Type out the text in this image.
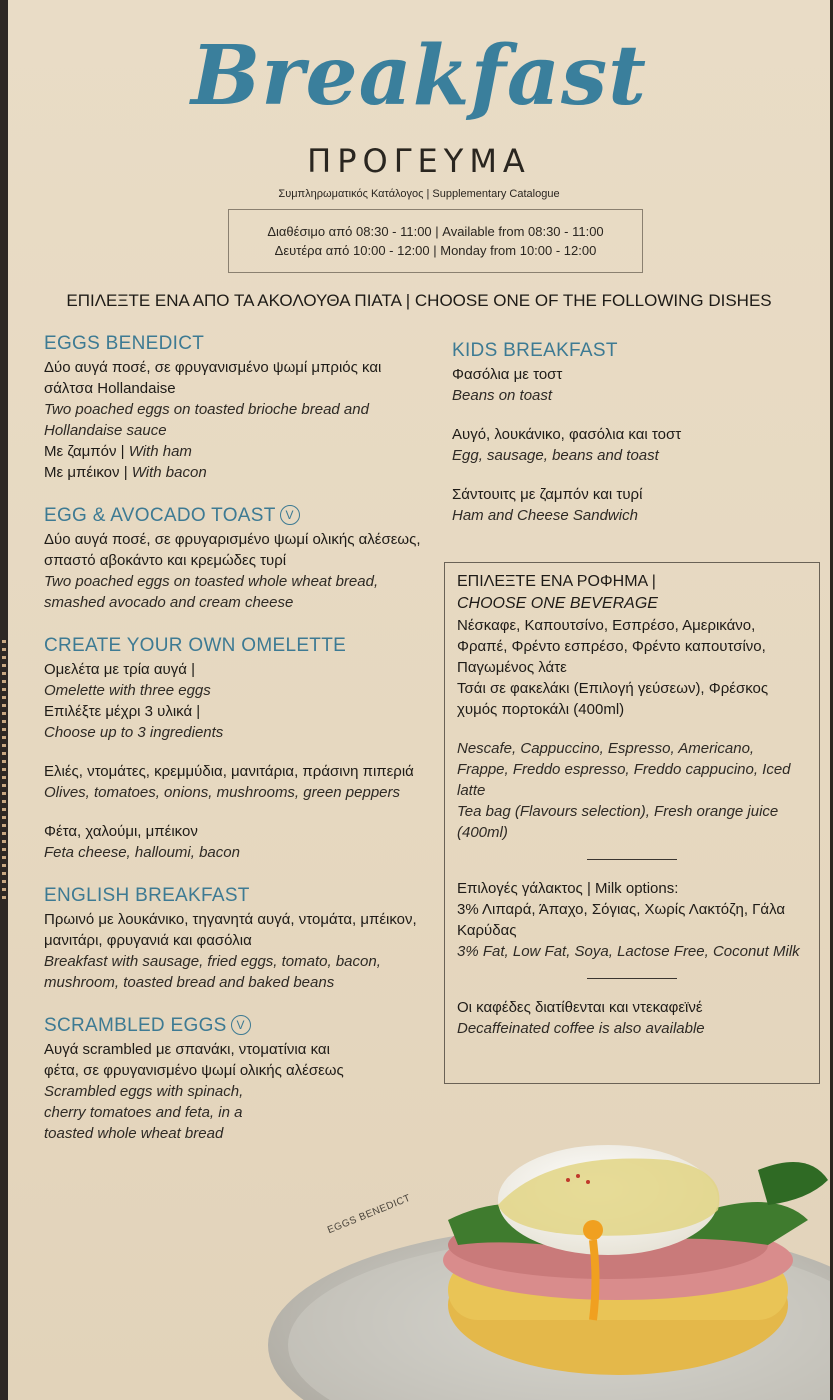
Breakfast
ΠΡΟΓΕΥΜΑ
Συμπληρωματικός Κατάλογος | Supplementary Catalogue
Διαθέσιμο από 08:30 - 11:00 | Available from 08:30 - 11:00
Δευτέρα από 10:00 - 12:00 | Monday from 10:00 - 12:00
ΕΠΙΛΕΞΤΕ ΕΝΑ ΑΠΟ ΤΑ ΑΚΟΛΟΥΘΑ ΠΙΑΤΑ | CHOOSE ONE OF THE FOLLOWING DISHES
EGGS BENEDICT
Δύο αυγά ποσέ, σε φρυγανισμένο ψωμί μπριός και σάλτσα Hollandaise
Two poached eggs on toasted brioche bread and Hollandaise sauce
Με ζαμπόν | With ham
Με μπέικον | With bacon
EGG & AVOCADO TOAST V
Δύο αυγά ποσέ, σε φρυγαρισμένο ψωμί ολικής αλέσεως, σπαστό αβοκάντο και κρεμώδες τυρί
Two poached eggs on toasted whole wheat bread, smashed avocado and cream cheese
CREATE YOUR OWN OMELETTE
Ομελέτα με τρία αυγά |
Omelette with three eggs
Επιλέξτε μέχρι 3 υλικά |
Choose up to 3 ingredients
Ελιές, ντομάτες, κρεμμύδια, μανιτάρια, πράσινη πιπεριά
Olives, tomatoes, onions, mushrooms, green peppers
Φέτα, χαλούμι, μπέικον
Feta cheese, halloumi, bacon
ENGLISH BREAKFAST
Πρωινό με λουκάνικο, τηγανητά αυγά, ντομάτα, μπέικον, μανιτάρι, φρυγανιά και φασόλια
Breakfast with sausage, fried eggs, tomato, bacon, mushroom, toasted bread and baked beans
SCRAMBLED EGGS V
Αυγά scrambled με σπανάκι, ντοματίνια και φέτα, σε φρυγανισμένο ψωμί ολικής αλέσεως
Scrambled eggs with spinach, cherry tomatoes and feta, in a toasted whole wheat bread
KIDS BREAKFAST
Φασόλια με τοστ
Beans on toast
Αυγό, λουκάνικο, φασόλια και τοστ
Egg, sausage, beans and toast
Σάντουιτς με ζαμπόν και τυρί
Ham and Cheese Sandwich
ΕΠΙΛΕΞΤΕ ΕΝΑ ΡΟΦΗΜΑ |
CHOOSE ONE BEVERAGE
Νέσκαφε, Καπουτσίνο, Εσπρέσο, Αμερικάνο, Φραπέ, Φρέντο εσπρέσο, Φρέντο καπουτσίνο, Παγωμένος λάτε
Τσάι σε φακελάκι (Επιλογή γεύσεων), Φρέσκος χυμός πορτοκάλι (400ml)
Nescafe, Cappuccino, Espresso, Americano, Frappe, Freddo espresso, Freddo cappucino, Iced latte
Tea bag (Flavours selection), Fresh orange juice (400ml)
Επιλογές γάλακτος | Milk options:
3% Λιπαρά, Άπαχο, Σόγιας, Χωρίς Λακτόζη, Γάλα Καρύδας
3% Fat, Low Fat, Soya, Lactose Free, Coconut Milk
Οι καφέδες διατίθενται και ντεκαφεϊνέ
Decaffeinated coffee is also available
EGGS BENEDICT
